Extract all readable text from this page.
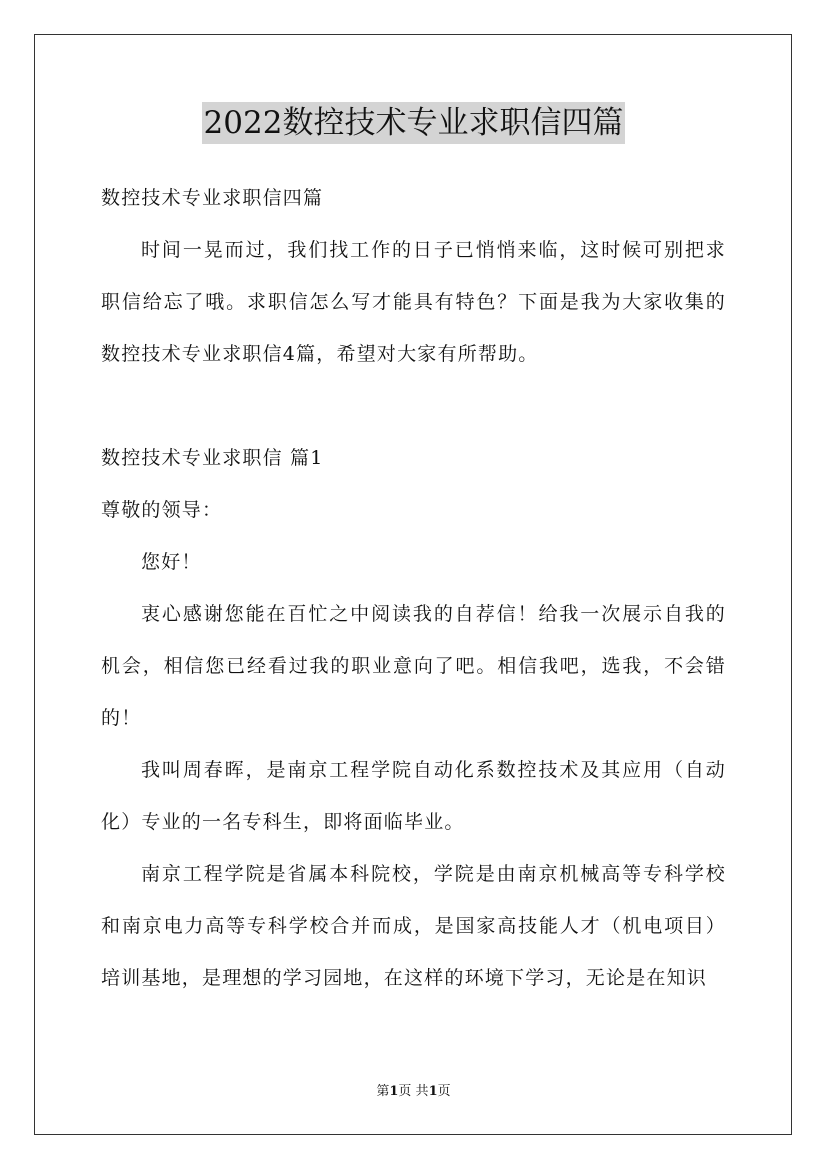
2022数控技术专业求职信四篇

数控技术专业求职信四篇

时间一晃而过，我们找工作的日子已悄悄来临，这时候可别把求职信给忘了哦。求职信怎么写才能具有特色？下面是我为大家收集的数控技术专业求职信4篇，希望对大家有所帮助。

数控技术专业求职信 篇1

尊敬的领导：

您好！

衷心感谢您能在百忙之中阅读我的自荐信！给我一次展示自我的机会，相信您已经看过我的职业意向了吧。相信我吧，选我，不会错的！

我叫周春晖，是南京工程学院自动化系数控技术及其应用（自动化）专业的一名专科生，即将面临毕业。

南京工程学院是省属本科院校，学院是由南京机械高等专科学校和南京电力高等专科学校合并而成，是国家高技能人才（机电项目）培训基地，是理想的学习园地，在这样的环境下学习，无论是在知识

第1页 共1页
